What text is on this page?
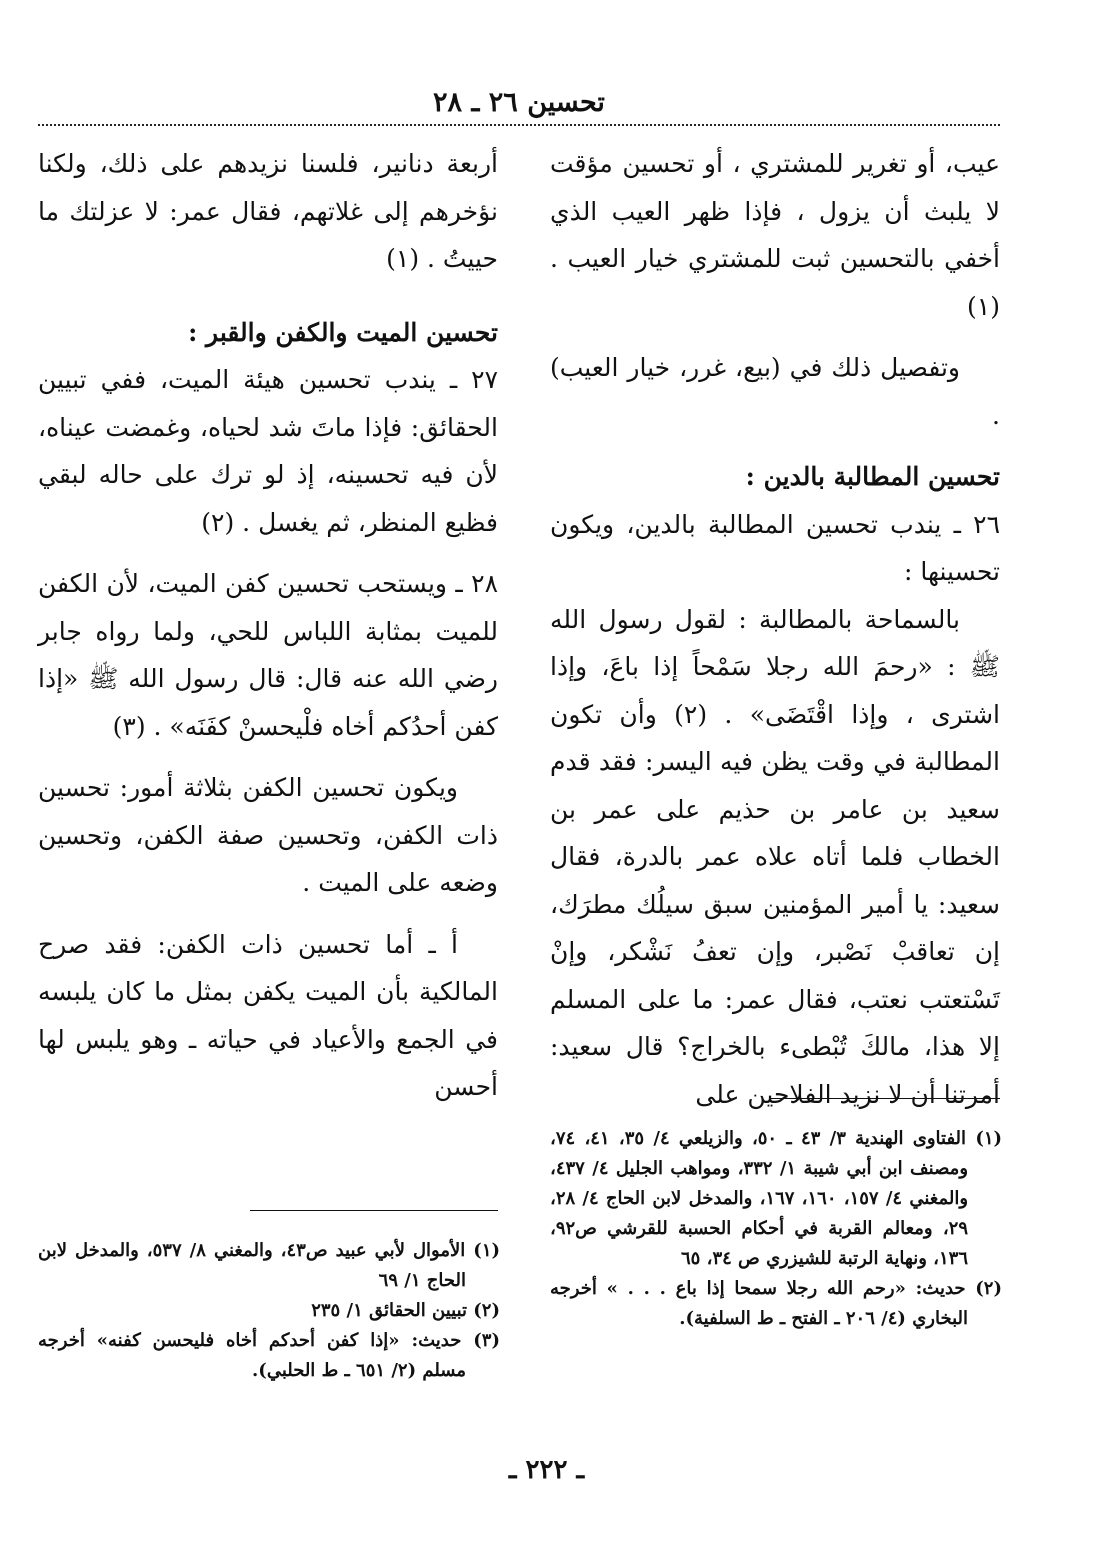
تحسين ٢٦ ـ ٢٨

عيب، أو تغرير للمشتري ، أو تحسين مؤقت لا يلبث أن يزول ، فإذا ظهر العيب الذي أخفي بالتحسين ثبت للمشتري خيار العيب . (١)

وتفصيل ذلك في (بيع، غرر، خيار العيب) .

تحسين المطالبة بالدين :

٢٦ ـ يندب تحسين المطالبة بالدين، ويكون تحسينها :

بالسماحة بالمطالبة : لقول رسول الله ﷺ : «رحمَ الله رجلا سَمْحاً إذا باعَ، وإذا اشترى ، وإذا اقْتَضَى» . (٢) وأن تكون المطالبة في وقت يظن فيه اليسر: فقد قدم سعيد بن عامر بن حذيم على عمر بن الخطاب فلما أتاه علاه عمر بالدرة، فقال سعيد: يا أمير المؤمنين سبق سيلُك مطرَك، إن تعاقبْ نَصْبر، وإن تعفُ نَشْكر، وإنْ تَسْتعتب نعتب، فقال عمر: ما على المسلم إلا هذا، مالكَ تُبْطىء بالخراج؟ قال سعيد: أمرتنا أن لا نزيد الفلاحين على

أربعة دنانير، فلسنا نزيدهم على ذلك، ولكنا نؤخرهم إلى غلاتهم، فقال عمر: لا عزلتك ما حييتُ . (١)

تحسين الميت والكفن والقبر :

٢٧ ـ يندب تحسين هيئة الميت، ففي تبيين الحقائق: فإذا ماتَ شد لحياه، وغمضت عيناه، لأن فيه تحسينه، إذ لو ترك على حاله لبقي فظيع المنظر، ثم يغسل . (٢)

٢٨ ـ ويستحب تحسين كفن الميت، لأن الكفن للميت بمثابة اللباس للحي، ولما رواه جابر رضي الله عنه قال: قال رسول الله ﷺ «إذا كفن أحدُكم أخاه فلْيحسنْ كفَنَه» . (٣)

ويكون تحسين الكفن بثلاثة أمور: تحسين ذات الكفن، وتحسين صفة الكفن، وتحسين وضعه على الميت .

أ ـ أما تحسين ذات الكفن: فقد صرح المالكية بأن الميت يكفن بمثل ما كان يلبسه في الجمع والأعياد في حياته ـ وهو يلبس لها أحسن

(١) الفتاوى الهندية ٣/ ٤٣ ـ ٥٠، والزيلعي ٤/ ٣٥، ٤١، ٧٤، ومصنف ابن أبي شيبة ١/ ٣٣٢، ومواهب الجليل ٤/ ٤٣٧، والمغني ٤/ ١٥٧، ١٦٠، ١٦٧، والمدخل لابن الحاج ٤/ ٢٨، ٢٩، ومعالم القربة في أحكام الحسبة للقرشي ص٩٢، ١٣٦، ونهاية الرتبة للشيزري ص ٣٤، ٦٥

(٢) حديث: «رحم الله رجلا سمحا إذا باع . . . » أخرجه البخاري (٤/ ٢٠٦ ـ الفتح ـ ط السلفية).

(١) الأموال لأبي عبيد ص٤٣، والمغني ٨/ ٥٣٧، والمدخل لابن الحاج ١/ ٦٩

(٢) تبيين الحقائق ١/ ٢٣٥

(٣) حديث: «إذا كفن أحدكم أخاه فليحسن كفنه» أخرجه مسلم (٢/ ٦٥١ ـ ط الحلبي).

ـ ٢٢٢ ـ
